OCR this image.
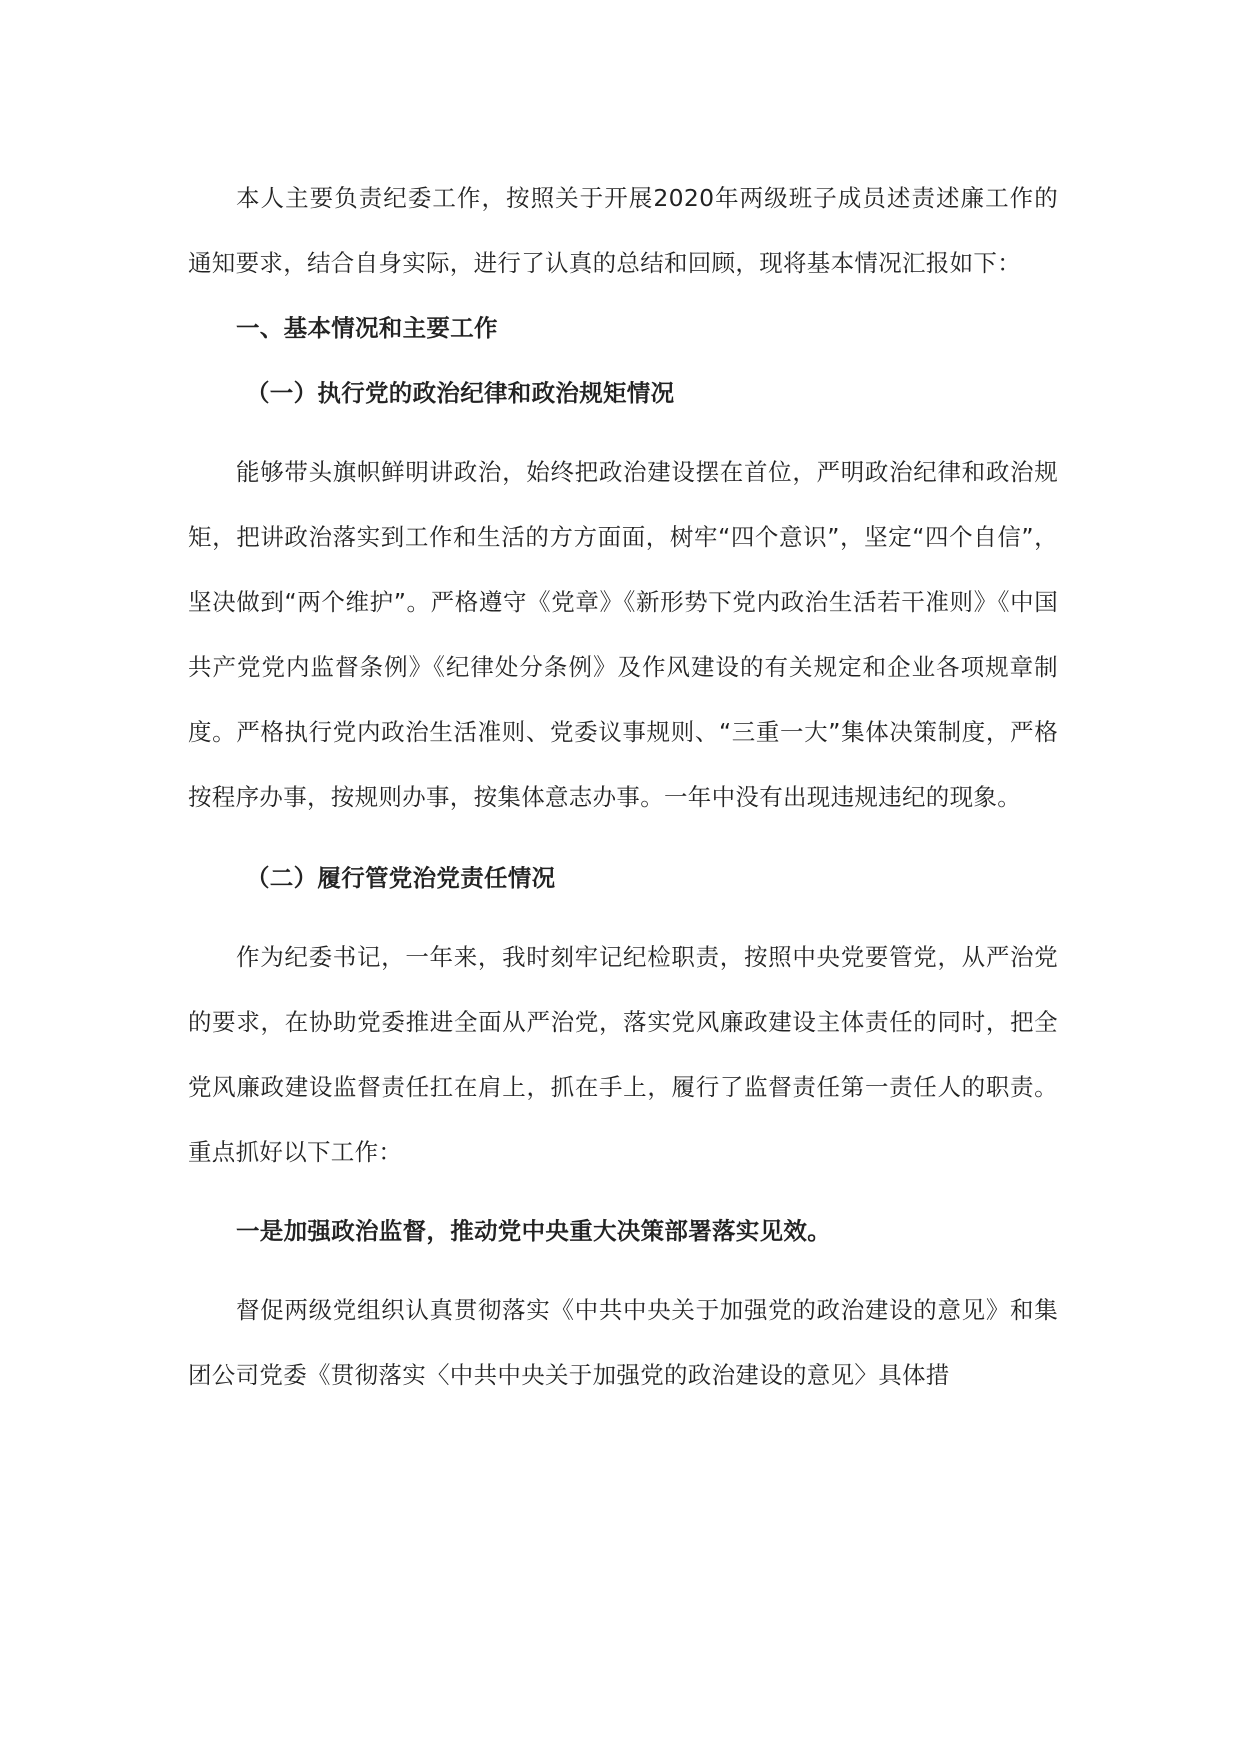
本人主要负责纪委工作，按照关于开展2020年两级班子成员述责述廉工作的通知要求，结合自身实际，进行了认真的总结和回顾，现将基本情况汇报如下：

一、基本情况和主要工作

（一）执行党的政治纪律和政治规矩情况

能够带头旗帜鲜明讲政治，始终把政治建设摆在首位，严明政治纪律和政治规矩，把讲政治落实到工作和生活的方方面面，树牢“四个意识”，坚定“四个自信”，坚决做到“两个维护”。严格遵守《党章》《新形势下党内政治生活若干准则》《中国共产党党内监督条例》《纪律处分条例》及作风建设的有关规定和企业各项规章制度。严格执行党内政治生活准则、党委议事规则、“三重一大”集体决策制度，严格按程序办事，按规则办事，按集体意志办事。一年中没有出现违规违纪的现象。

（二）履行管党治党责任情况

作为纪委书记，一年来，我时刻牢记纪检职责，按照中央党要管党，从严治党的要求，在协助党委推进全面从严治党，落实党风廉政建设主体责任的同时，把全党风廉政建设监督责任扛在肩上，抓在手上，履行了监督责任第一责任人的职责。重点抓好以下工作：

一是加强政治监督，推动党中央重大决策部署落实见效。

督促两级党组织认真贯彻落实《中共中央关于加强党的政治建设的意见》和集团公司党委《贯彻落实〈中共中央关于加强党的政治建设的意见〉具体措
